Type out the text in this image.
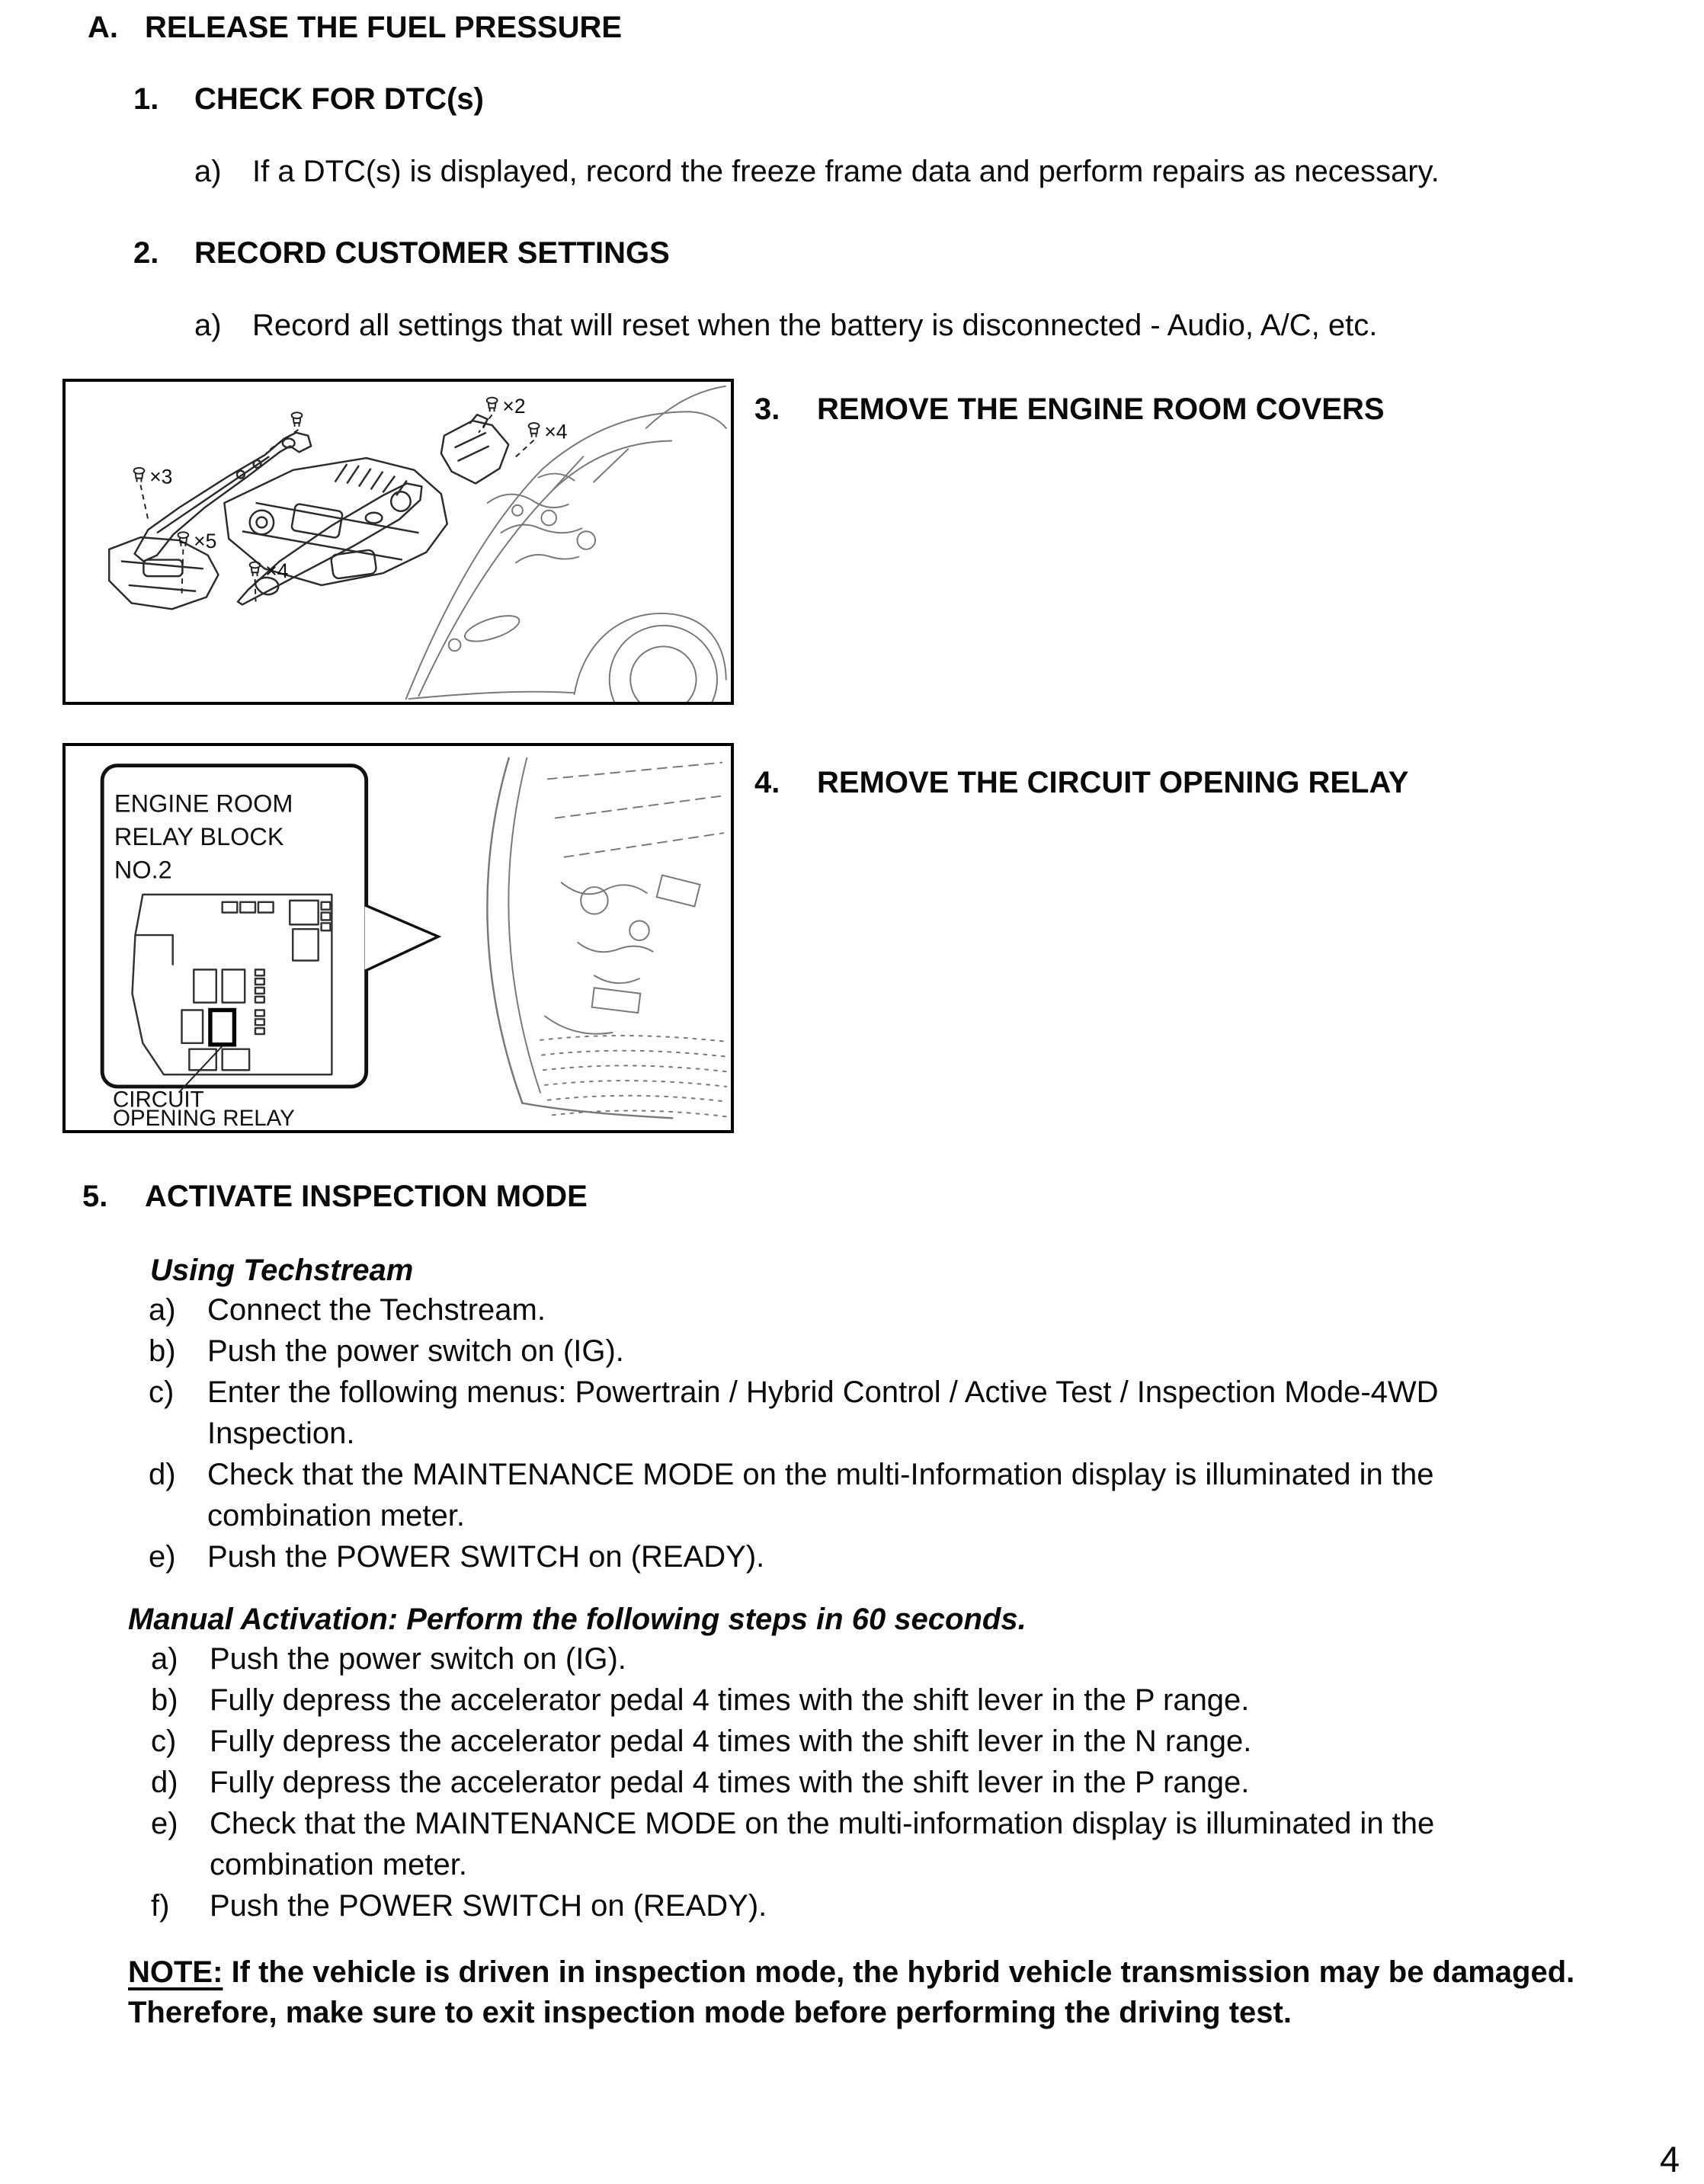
A. RELEASE THE FUEL PRESSURE
1. CHECK FOR DTC(s)
a)	If a DTC(s) is displayed, record the freeze frame data and perform repairs as necessary.
2. RECORD CUSTOMER SETTINGS
a)	Record all settings that will reset when the battery is disconnected - Audio, A/C, etc.
×3
×2
×4
×5
×4
3. REMOVE THE ENGINE ROOM COVERS
ENGINE ROOM
RELAY BLOCK
NO.2
CIRCUIT
OPENING RELAY
4. REMOVE THE CIRCUIT OPENING RELAY
5. ACTIVATE INSPECTION MODE
Using Techstream
a)	Connect the Techstream.
b)	Push the power switch on (IG).
c)	Enter the following menus: Powertrain / Hybrid Control / Active Test / Inspection Mode-4WD Inspection.
d)	Check that the MAINTENANCE MODE on the multi-Information display is illuminated in the combination meter.
e)	Push the POWER SWITCH on (READY).
Manual Activation: Perform the following steps in 60 seconds.
a)	Push the power switch on (IG).
b)	Fully depress the accelerator pedal 4 times with the shift lever in the P range.
c)	Fully depress the accelerator pedal 4 times with the shift lever in the N range.
d)	Fully depress the accelerator pedal 4 times with the shift lever in the P range.
e)	Check that the MAINTENANCE MODE on the multi-information display is illuminated in the combination meter.
f)	Push the POWER SWITCH on (READY).
NOTE: If the vehicle is driven in inspection mode, the hybrid vehicle transmission may be damaged. Therefore, make sure to exit inspection mode before performing the driving test.
4
